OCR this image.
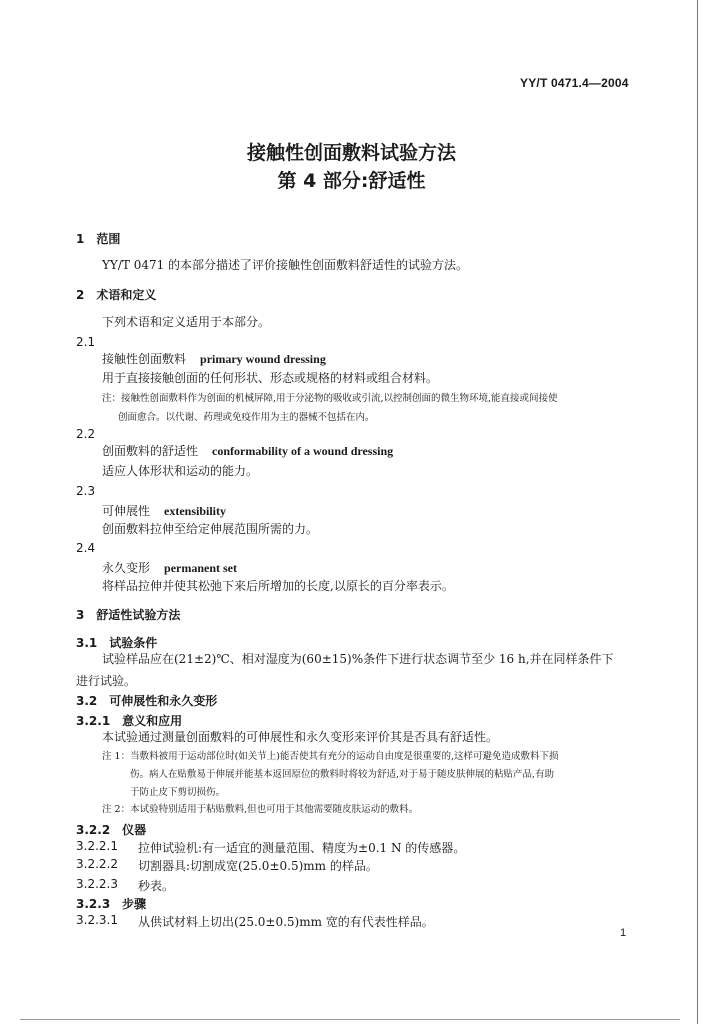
YY/T 0471.4—2004
接触性创面敷料试验方法
第 4 部分:舒适性
1　范围
YY/T 0471 的本部分描述了评价接触性创面敷料舒适性的试验方法。
2　术语和定义
下列术语和定义适用于本部分。
2.1
接触性创面敷料 primary wound dressing
用于直接接触创面的任何形状、形态或规格的材料或组合材料。
注：接触性创面敷料作为创面的机械屏障,用于分泌物的吸收或引流,以控制创面的微生物环境,能直接或间接使
创面愈合。以代谢、药理或免疫作用为主的器械不包括在内。
2.2
创面敷料的舒适性 conformability of a wound dressing
适应人体形状和运动的能力。
2.3
可伸展性 extensibility
创面敷料拉伸至给定伸展范围所需的力。
2.4
永久变形 permanent set
将样品拉伸并使其松弛下来后所增加的长度,以原长的百分率表示。
3　舒适性试验方法
3.1　试验条件
试验样品应在(21±2)℃、相对湿度为(60±15)%条件下进行状态调节至少 16 h,并在同样条件下
进行试验。
3.2　可伸展性和永久变形
3.2.1　意义和应用
本试验通过测量创面敷料的可伸展性和永久变形来评价其是否具有舒适性。
注 1：当敷料被用于运动部位时(如关节上)能否使其有充分的运动自由度是很重要的,这样可避免造成敷料下损
伤。病人在贴敷易于伸展并能基本返回原位的敷料时将较为舒适,对于易于随皮肤伸展的粘贴产品,有助
于防止皮下剪切损伤。
注 2：本试验特别适用于粘贴敷料,但也可用于其他需要随皮肤运动的敷料。
3.2.2　仪器
3.2.2.1 拉伸试验机:有一适宜的测量范围、精度为±0.1 N 的传感器。
3.2.2.2 切割器具:切割成宽(25.0±0.5)mm 的样品。
3.2.2.3 秒表。
3.2.3　步骤
3.2.3.1 从供试材料上切出(25.0±0.5)mm 宽的有代表性样品。
1
